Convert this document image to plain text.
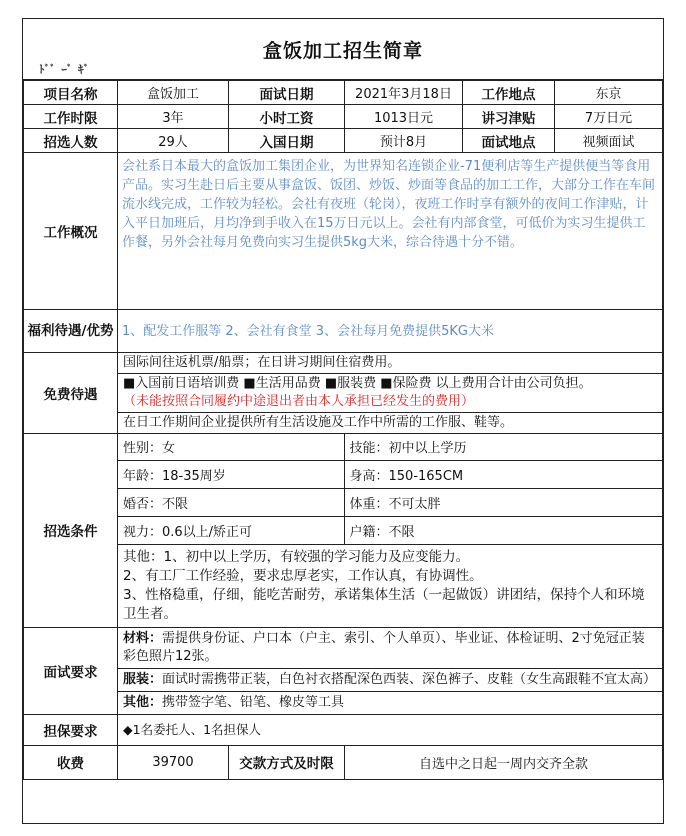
盒饭加工招生简章
ﾄﾞﾞ ｰﾞ ｷﾞ
项目名称	盒饭加工	面试日期	2021年3月18日	工作地点	东京
工作时限	3年	小时工资	1013日元	讲习津贴	7万日元
招选人数	29人	入国日期	预计8月	面试地点	视频面试
工作概况	会社系日本最大的盒饭加工集团企业，为世界知名连锁企业-71便利店等生产提供便当等食用产品。实习生赴日后主要从事盒饭、饭团、炒饭、炒面等食品的加工工作，大部分工作在车间流水线完成，工作较为轻松。会社有夜班（轮岗），夜班工作时享有额外的夜间工作津贴，计入平日加班后，月均净到手收入在15万日元以上。会社有内部食堂，可低价为实习生提供工作餐，另外会社每月免费向实习生提供5kg大米，综合待遇十分不错。
福利待遇/优势	1、配发工作服等 2、会社有食堂 3、会社每月免费提供5KG大米
免费待遇	
国际间往返机票/船票；在日讲习期间住宿费用。

■入国前日语培训费 ■生活用品费 ■服装费 ■保险费 以上费用合计由公司负担。
（未能按照合同履约中途退出者由本人承担已经发生的费用）

在日工作期间企业提供所有生活设施及工作中所需的工作服、鞋等。

招选条件	
性别：女	技能：初中以上学历
年龄：18-35周岁	身高：150-165CM
婚否：不限	体重：不可太胖
视力：0.6以上/矫正可	户籍：不限

其他：1、初中以上学历，有较强的学习能力及应变能力。
2、有工厂工作经验，要求忠厚老实，工作认真，有协调性。
3、性格稳重，仔细，能吃苦耐劳，承诺集体生活（一起做饭）讲团结，保持个人和环境卫生者。

面试要求	
材料：需提供身份证、户口本（户主、索引、个人单页）、毕业证、体检证明、2寸免冠正装彩色照片12张。
服装：面试时需携带正装，白色衬衣搭配深色西装、深色裤子、皮鞋（女生高跟鞋不宜太高）
其他：携带签字笔、铅笔、橡皮等工具

担保要求	◆1名委托人、1名担保人
收费	39700	交款方式及时限	自选中之日起一周内交齐全款
